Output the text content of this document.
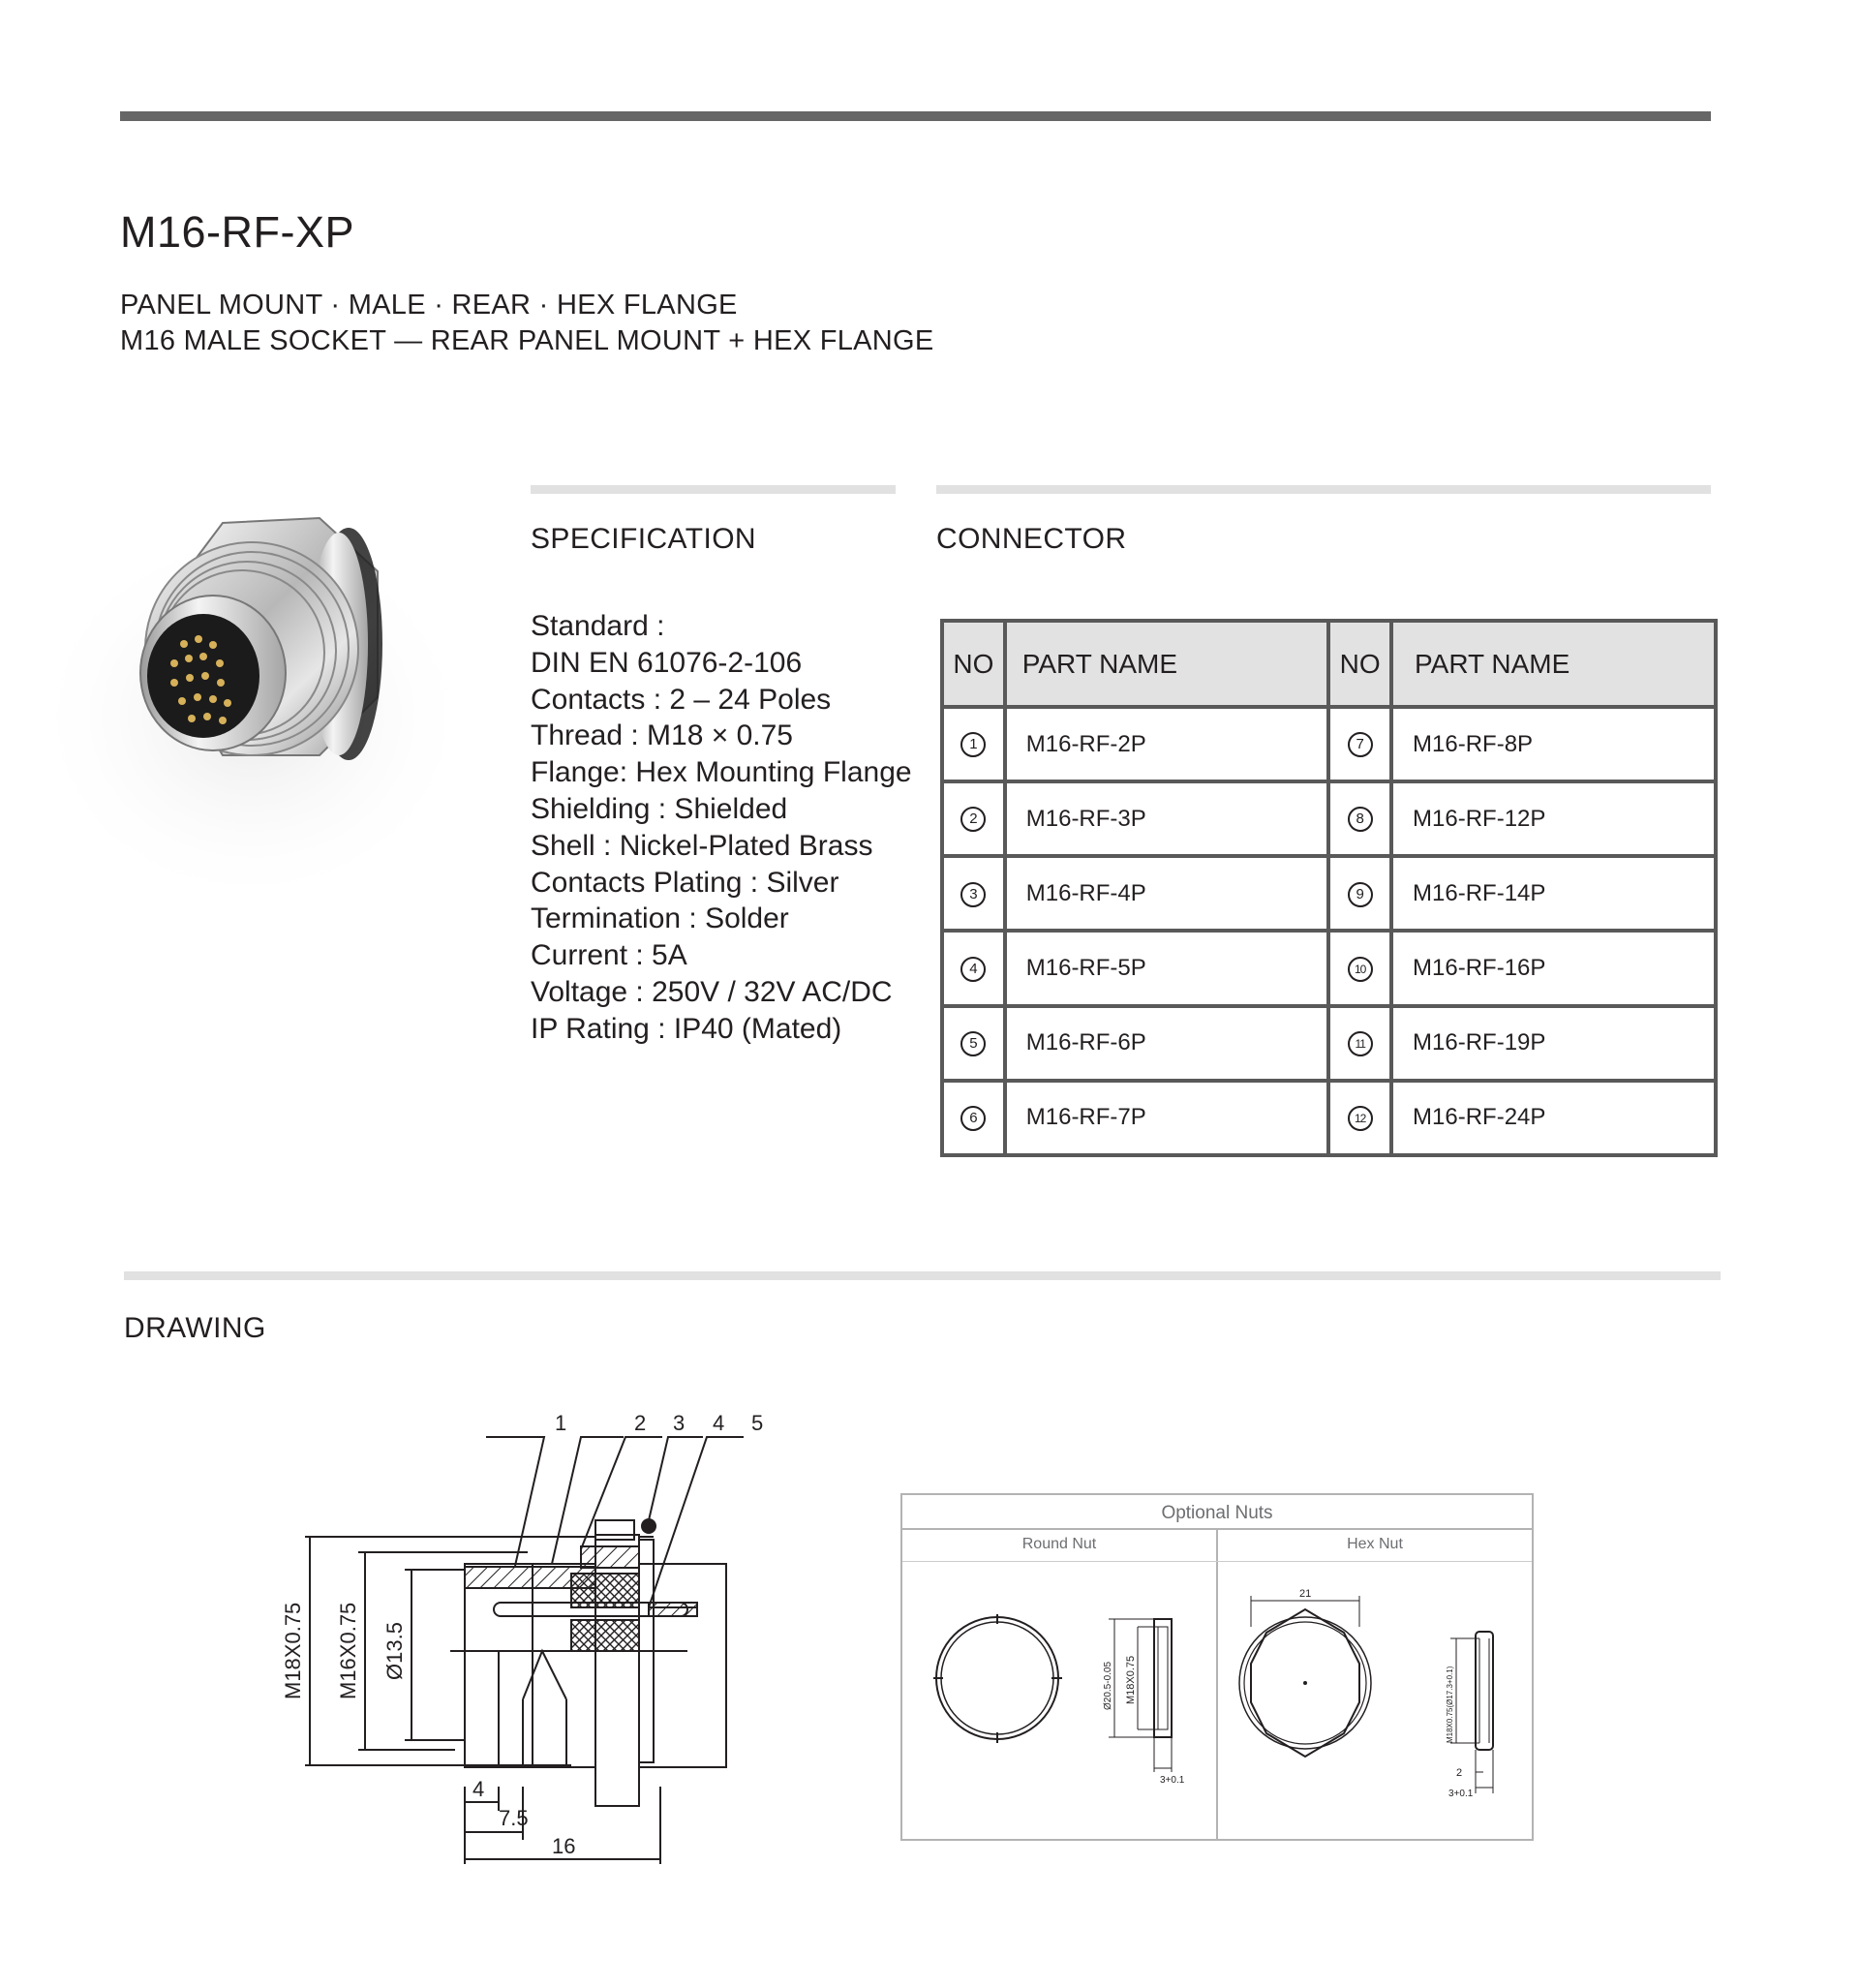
M16-RF-XP
PANEL MOUNT · MALE · REAR · HEX FLANGE
M16 MALE SOCKET — REAR PANEL MOUNT + HEX FLANGE
SPECIFICATION
Standard :
DIN EN 61076-2-106
Contacts : 2 – 24 Poles
Thread : M18 × 0.75
Flange: Hex Mounting Flange
Shielding : Shielded
Shell : Nickel-Plated Brass
Contacts Plating : Silver
Termination : Solder
Current : 5A
Voltage : 250V / 32V AC/DC
IP Rating : IP40 (Mated)
CONNECTOR
NO	PART NAME	NO	PART NAME
1	M16-RF-2P	7	M16-RF-8P
2	M16-RF-3P	8	M16-RF-12P
3	M16-RF-4P	9	M16-RF-14P
4	M16-RF-5P	10	M16-RF-16P
5	M16-RF-6P	11	M16-RF-19P
6	M16-RF-7P	12	M16-RF-24P
DRAWING
1	2 3 4 5
M18X0.75 M16X0.75 Ø13.5
4
7.5
16
Optional Nuts
Round Nut	Hex Nut
Ø20.5-0.05 M18X0.75
3+0.1
21
M18X0.75(Ø17.3+0.1)
2
3+0.1
